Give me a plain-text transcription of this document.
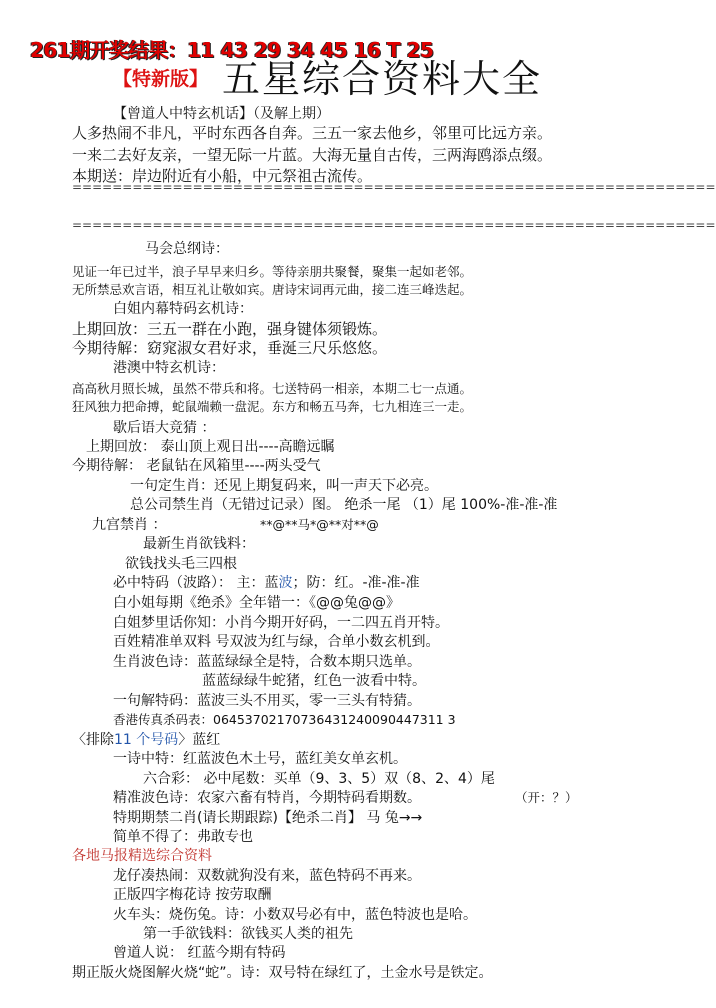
261期开奖结果：11 43 29 34 45 16 T 25
【特新版】 五星综合资料大全
【曾道人中特玄机话】（及解上期）
人多热闹不非凡，平时东西各自奔。三五一家去他乡，邻里可比远方亲。
一来二去好友亲，一望无际一片蓝。大海无量自古传，三两海鸥添点缀。
本期送：岸边附近有小船，中元祭祖古流传。
================================================================
================================================================
马会总纲诗：
见证一年已过半，浪子早早来归乡。等待亲朋共聚餐，聚集一起如老邻。
无所禁忌欢言语，相互礼让敬如宾。唐诗宋词再元曲，接二连三峰迭起。
白姐内幕特码玄机诗：
上期回放：三五一群在小跑，强身键体须锻炼。
今期待解：窈窕淑女君好求，垂涎三尺乐悠悠。
港澳中特玄机诗：
高高秋月照长城，虽然不带兵和将。七送特码一相亲，本期二七一点通。
狂风独力把命搏，蛇鼠端赖一盘泥。东方和畅五马奔，七九相连三一走。
歇后语大竞猜 ：
上期回放： 泰山顶上观日出----高瞻远瞩
今期待解： 老鼠钻在风箱里----两头受气
一句定生肖：还见上期复码来，叫一声天下必亮。
总公司禁生肖（无错过记录）图。 绝杀一尾 （1）尾 100%-准-准-准
九宫禁肖 ：	**@**马*@**对**@
最新生肖欲钱料：
欲钱找头毛三四根
必中特码（波路）： 主：蓝波；防：红。-准-准-准
白小姐每期《绝杀》全年错一：《@@兔@@》
白姐梦里话你知：小肖今期开好码，一二四五肖开特。
百姓精准单双料 号双波为红与绿，合单小数玄机到。
生肖波色诗：蓝蓝绿绿全是特，合数本期只选单。
蓝蓝绿绿牛蛇猪，红色一波看中特。
一句解特码：蓝波三头不用买，零一三头有特猜。
香港传真杀码表：06453702170736431240090447311 3
〈排除11 个号码〉蓝红
一诗中特：红蓝波色木土号，蓝红美女单玄机。
六合彩： 必中尾数：买单（9、3、5）双（8、2、4）尾
精准波色诗：农家六畜有特肖，今期特码看期数。	（开：？）
特期期禁二肖(请长期跟踪)【绝杀二肖】 马 兔→→
简单不得了：弗敢专也
各地马报精选综合资料
龙仔凑热闹：双数就狗没有来，蓝色特码不再来。
正版四字梅花诗 按劳取酬
火车头：烧伤兔。诗：小数双号必有中，蓝色特波也是哈。
第一手欲钱料：欲钱买人类的祖先
曾道人说： 红蓝今期有特码
期正版火烧图解火烧“蛇”。诗：双号特在绿红了，土金水号是铁定。
